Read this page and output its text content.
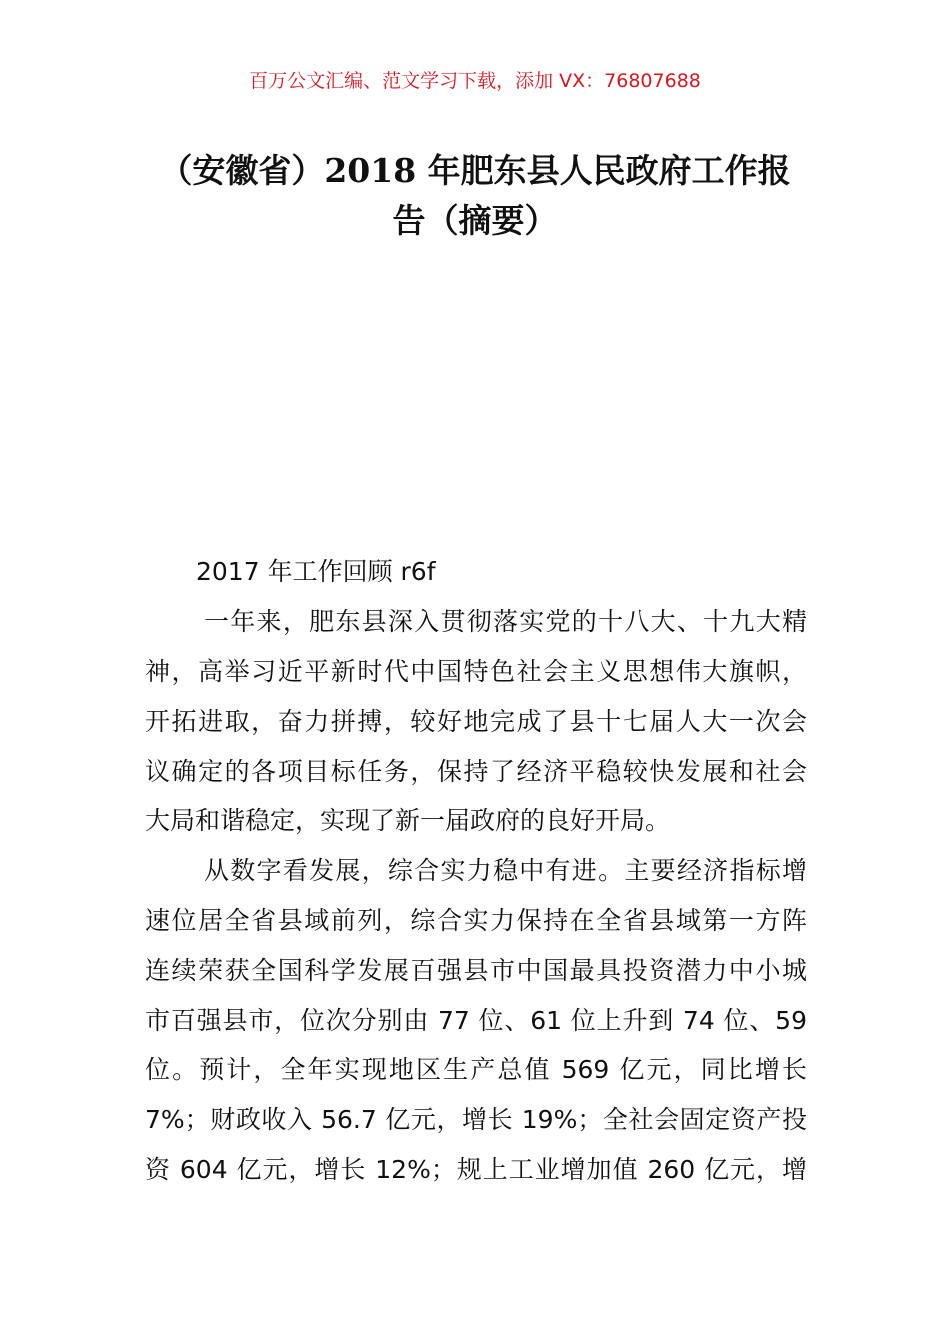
百万公文汇编、范文学习下载，添加 VX：76807688
（安徽省）2018 年肥东县人民政府工作报
告（摘要）
2017 年工作回顾 r6f
一年来，肥东县深入贯彻落实党的十八大、十九大精
神，高举习近平新时代中国特色社会主义思想伟大旗帜，
开拓进取，奋力拼搏，较好地完成了县十七届人大一次会
议确定的各项目标任务，保持了经济平稳较快发展和社会
大局和谐稳定，实现了新一届政府的良好开局。
从数字看发展，综合实力稳中有进。主要经济指标增
速位居全省县域前列，综合实力保持在全省县域第一方阵
连续荣获全国科学发展百强县市中国最具投资潜力中小城
市百强县市，位次分别由 77 位、61 位上升到 74 位、59
位。预计，全年实现地区生产总值 569 亿元，同比增长
7%；财政收入 56.7 亿元，增长 19%；全社会固定资产投
资 604 亿元，增长 12%；规上工业增加值 260 亿元，增
